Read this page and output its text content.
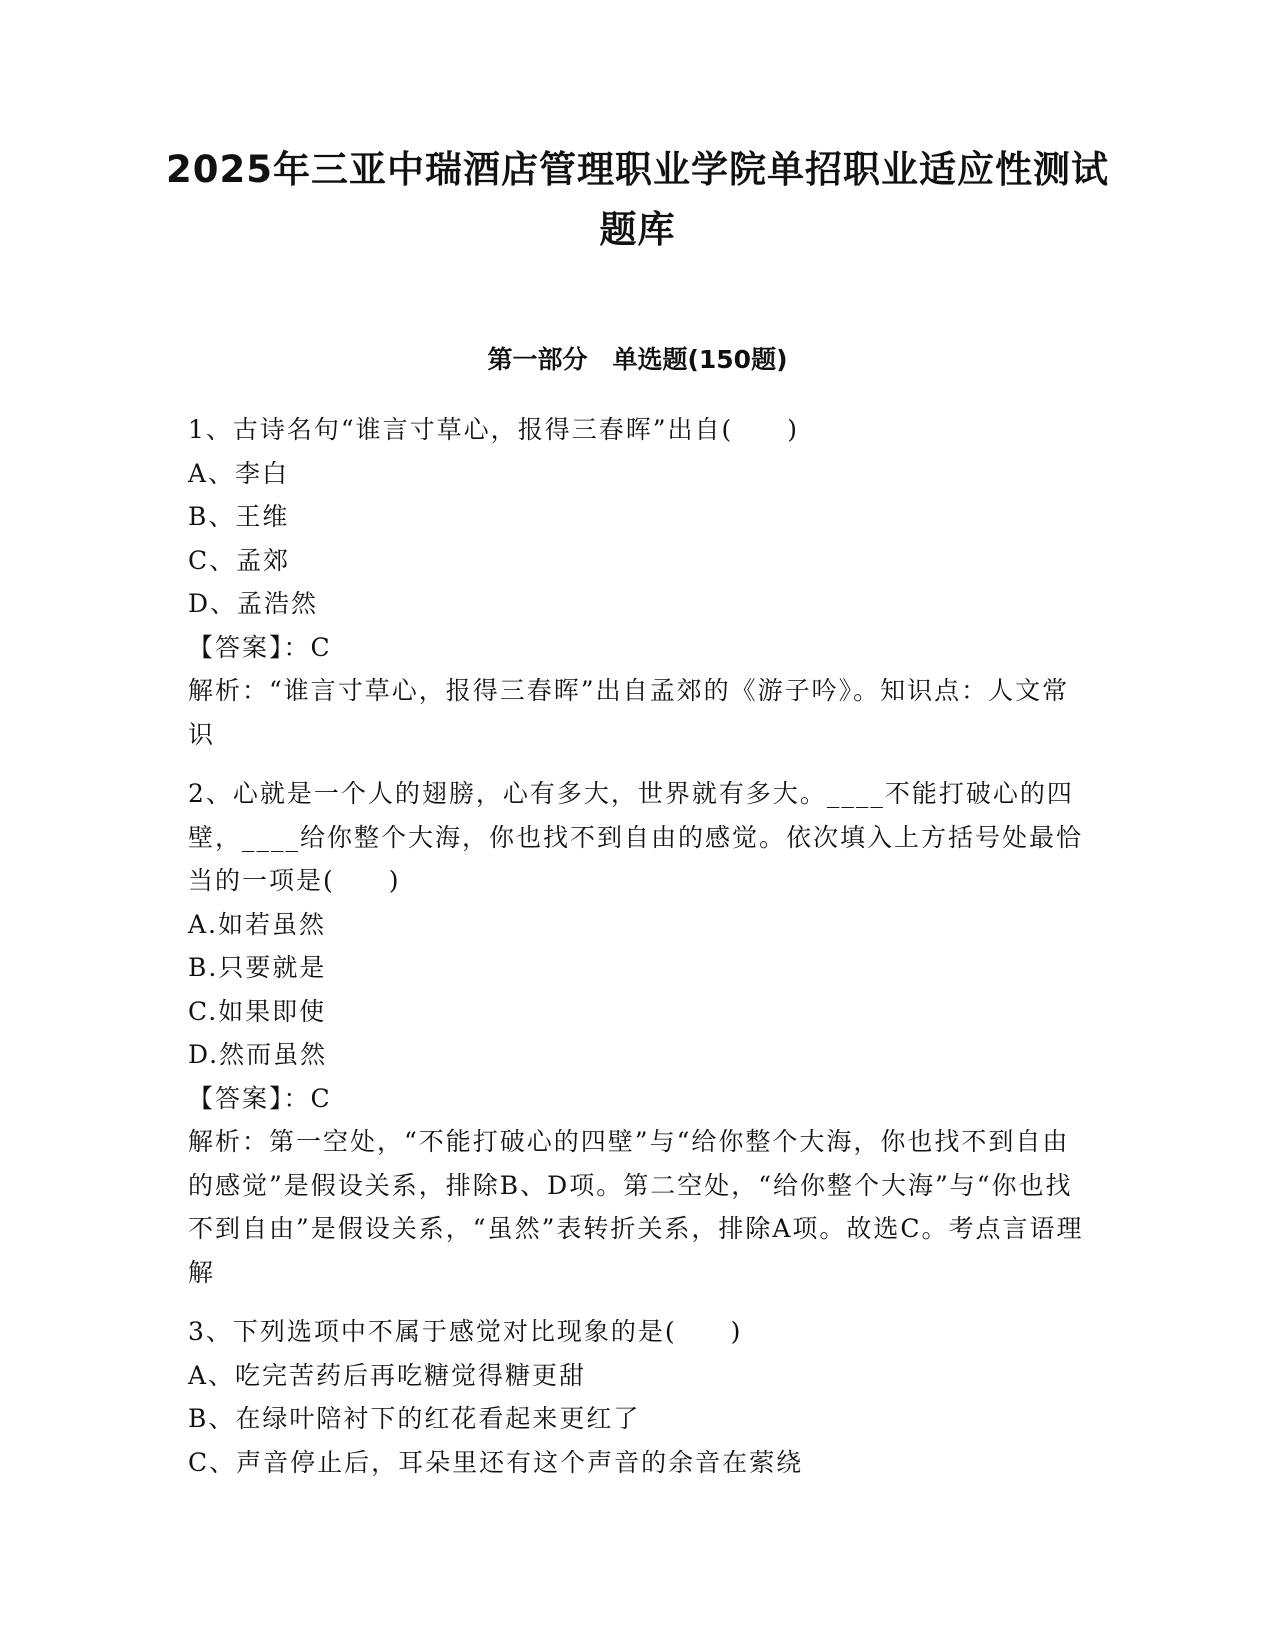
2025年三亚中瑞酒店管理职业学院单招职业适应性测试题库
第一部分　单选题(150题)

1、古诗名句“谁言寸草心，报得三春晖”出自(　　)

A、李白

B、王维

C、孟郊

D、孟浩然

【答案】：C

解析：“谁言寸草心，报得三春晖”出自孟郊的《游子吟》。知识点：人文常识

2、心就是一个人的翅膀，心有多大，世界就有多大。____不能打破心的四壁，____给你整个大海，你也找不到自由的感觉。依次填入上方括号处最恰当的一项是(　　)

A.如若虽然

B.只要就是

C.如果即使

D.然而虽然

【答案】：C

解析：第一空处，“不能打破心的四壁”与“给你整个大海，你也找不到自由的感觉”是假设关系，排除B、D项。第二空处，“给你整个大海”与“你也找不到自由”是假设关系，“虽然”表转折关系，排除A项。故选C。考点言语理解

3、下列选项中不属于感觉对比现象的是(　　)

A、吃完苦药后再吃糖觉得糖更甜

B、在绿叶陪衬下的红花看起来更红了

C、声音停止后，耳朵里还有这个声音的余音在萦绕
